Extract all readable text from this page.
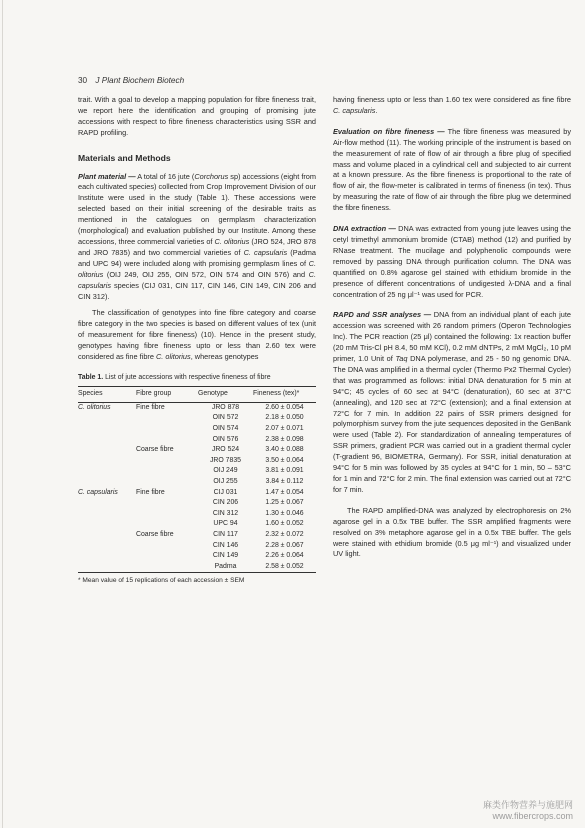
30 J Plant Biochem Biotech

trait. With a goal to develop a mapping population for fibre fineness trait, we report here the identification and grouping of promising jute accessions with respect to fibre fineness characteristics using SSR and RAPD profiling.

Materials and Methods

Plant material — A total of 16 jute (Corchorus sp) accessions (eight from each cultivated species) collected from Crop Improvement Division of our Institute were used in the study (Table 1). These accessions were selected based on their initial screening of the desirable traits as mentioned in the catalogues on germplasm characterization (morphological) and evaluation published by our Institute. Among these accessions, three commercial varieties of C. olitorius (JRO 524, JRO 878 and JRO 7835) and two commercial varieties of C. capsularis (Padma and UPC 94) were included along with promising germplasm lines of C. olitorius (OIJ 249, OIJ 255, OIN 572, OIN 574 and OIN 576) and C. capsularis species (CIJ 031, CIN 117, CIN 146, CIN 149, CIN 206 and CIN 312).

The classification of genotypes into fine fibre category and coarse fibre category in the two species is based on different values of tex (unit of measurement for fibre fineness) (10). Hence in the present study, genotypes having fibre fineness upto or less than 2.60 tex were considered as fine fibre C. olitorius, whereas genotypes

Table 1. List of jute accessions with respective fineness of fibre
Species	Fibre group	Genotype	Fineness (tex)*
C. olitorius	Fine fibre	JRO 878	2.60 ± 0.054
		OIN 572	2.18 ± 0.050
		OIN 574	2.07 ± 0.071
		OIN 576	2.38 ± 0.098
	Coarse fibre	JRO 524	3.40 ± 0.088
		JRO 7835	3.50 ± 0.064
		OIJ 249	3.81 ± 0.091
		OIJ 255	3.84 ± 0.112
C. capsularis	Fine fibre	CIJ 031	1.47 ± 0.054
		CIN 206	1.25 ± 0.067
		CIN 312	1.30 ± 0.046
		UPC 94	1.60 ± 0.052
	Coarse fibre	CIN 117	2.32 ± 0.072
		CIN 146	2.28 ± 0.067
		CIN 149	2.26 ± 0.064
		Padma	2.58 ± 0.052
* Mean value of 15 replications of each accession ± SEM

having fineness upto or less than 1.60 tex were considered as fine fibre C. capsularis.

Evaluation on fibre fineness — The fibre fineness was measured by Air-flow method (11). The working principle of the instrument is based on the measurement of rate of flow of air through a fibre plug of specified mass and volume placed in a cylindrical cell and subjected to air current at a known pressure. As the fibre fineness is proportional to the rate of flow of air, the flow-meter is calibrated in terms of fineness (in tex). Thus by measuring the rate of flow of air through the fibre plug we determined the fibre fineness.

DNA extraction — DNA was extracted from young jute leaves using the cetyl trimethyl ammonium bromide (CTAB) method (12) and purified by RNase treatment. The mucilage and polyphenolic compounds were removed by passing DNA through purification column. The DNA was quantified on 0.8% agarose gel stained with ethidium bromide in the presence of different concentrations of undigested λ-DNA and a final concentration of 25 ng μl⁻¹ was used for PCR.

RAPD and SSR analyses — DNA from an individual plant of each jute accession was screened with 26 random primers (Operon Technologies Inc). The PCR reaction (25 μl) contained the following: 1x reaction buffer (20 mM Tris-Cl pH 8.4, 50 mM KCl), 0.2 mM dNTPs, 2 mM MgCl₂, 10 pM primer, 1.0 Unit of Taq DNA polymerase, and 25 - 50 ng genomic DNA. The DNA was amplified in a thermal cycler (Thermo Px2 Thermal Cycler) that was programmed as follows: initial DNA denaturation for 5 min at 94°C; 45 cycles of 60 sec at 94°C (denaturation), 60 sec at 37°C (annealing), and 120 sec at 72°C (extension); and a final extension at 72°C for 7 min. In addition 22 pairs of SSR primers designed for polymorphism survey from the jute sequences deposited in the GenBank were used (Table 2). For standardization of annealing temperatures of SSR primers, gradient PCR was carried out in a gradient thermal cycler (T-gradient 96, BIOMETRA, Germany). For SSR, initial denaturation at 94°C for 5 min was followed by 35 cycles at 94°C for 1 min, 50 – 53°C for 1 min and 72°C for 2 min. The final extension was carried out at 72°C for 7 min.

The RAPD amplified-DNA was analyzed by electrophoresis on 2% agarose gel in a 0.5x TBE buffer. The SSR amplified fragments were resolved on 3% metaphore agarose gel in a 0.5x TBE buffer. The gels were stained with ethidium bromide (0.5 μg ml⁻¹) and visualized under UV light.

麻类作物营养与施肥网
www.fibercrops.com
